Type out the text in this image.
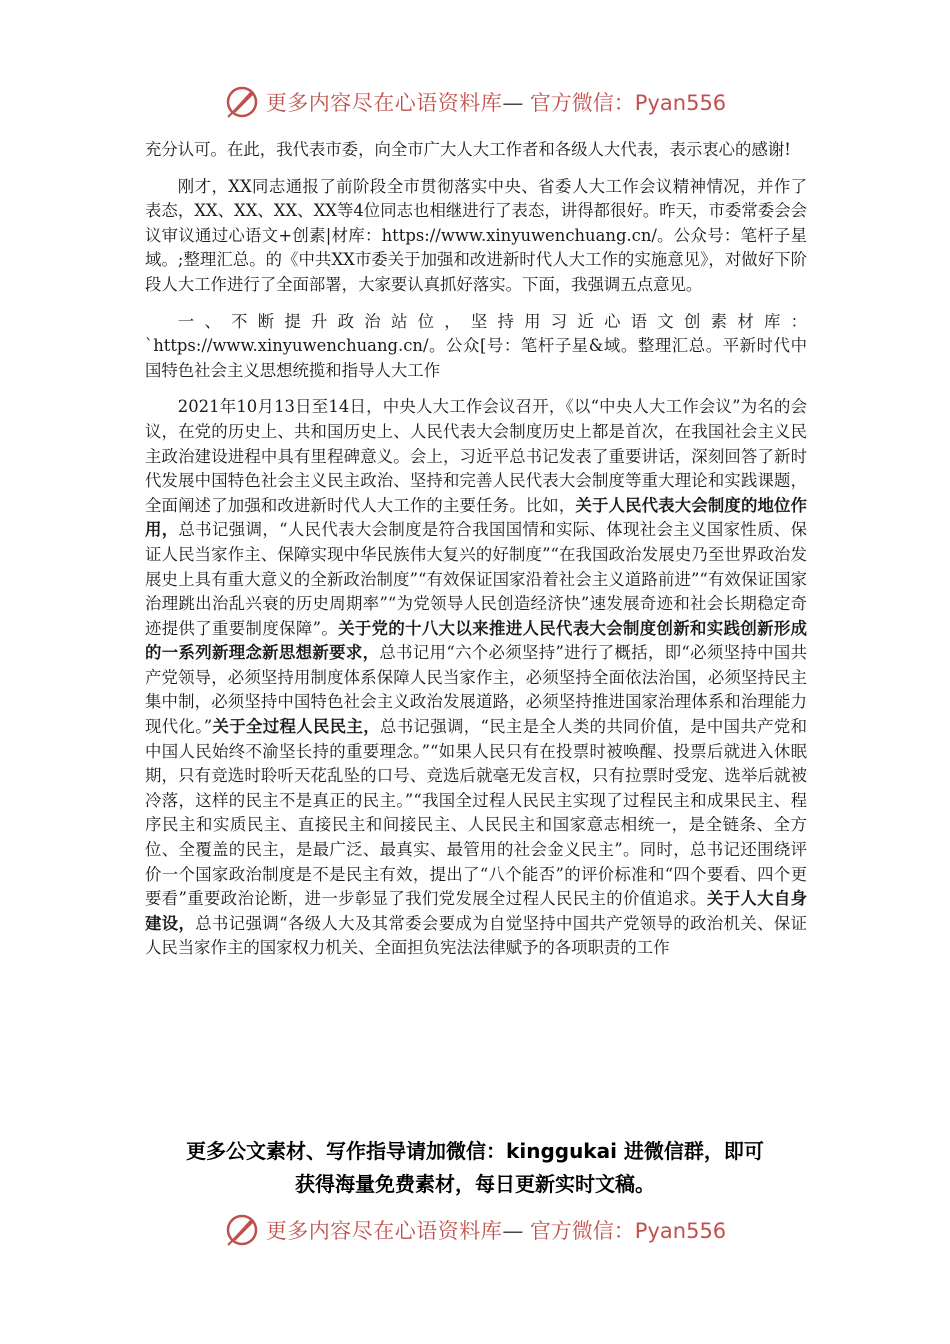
更多内容尽在心语资料库— 官方微信：Pyan556

充分认可。在此，我代表市委，向全市广大人大工作者和各级人大代表，表示衷心的感谢!

刚才，XX同志通报了前阶段全市贯彻落实中央、省委人大工作会议精神情况，并作了表态，XX、XX、XX、XX等4位同志也相继进行了表态，讲得都很好。昨天，市委常委会会议审议通过心语文+创素|材库：https://www.xinyuwenchuang.cn/。公众号：笔杆子星域。;整理汇总。的《中共XX市委关于加强和改进新时代人大工作的实施意见》，对做好下阶段人大工作进行了全面部署，大家要认真抓好落实。下面，我强调五点意见。

一、不断提升政治站位，坚持用习近心语文创素材库：`https://www.xinyuwenchuang.cn/。公众[号：笔杆子星&域。整理汇总。平新时代中国特色社会主义思想统揽和指导人大工作

2021年10月13日至14日，中央人大工作会议召开，《以“中央人大工作会议”为名的会议，在党的历史上、共和国历史上、人民代表大会制度历史上都是首次，在我国社会主义民主政治建设进程中具有里程碑意义。会上，习近平总书记发表了重要讲话，深刻回答了新时代发展中国特色社会主义民主政治、坚持和完善人民代表大会制度等重大理论和实践课题，全面阐述了加强和改进新时代人大工作的主要任务。比如，关于人民代表大会制度的地位作用，总书记强调，“人民代表大会制度是符合我国国情和实际、体现社会主义国家性质、保证人民当家作主、保障实现中华民族伟大复兴的好制度”“在我国政治发展史乃至世界政治发展史上具有重大意义的全新政治制度”“有效保证国家沿着社会主义道路前进”“有效保证国家治理跳出治乱兴衰的历史周期率”“为党领导人民创造经济快”速发展奇迹和社会长期稳定奇迹提供了重要制度保障”。关于党的十八大以来推进人民代表大会制度创新和实践创新形成的一系列新理念新思想新要求，总书记用“六个必须坚持”进行了概括，即“必须坚持中国共产党领导，必须坚持用制度体系保障人民当家作主，必须坚持全面依法治国，必须坚持民主集中制，必须坚持中国特色社会主义政治发展道路，必须坚持推进国家治理体系和治理能力现代化。”关于全过程人民民主，总书记强调，“民主是全人类的共同价值，是中国共产党和中国人民始终不渝坚长持的重要理念。”“如果人民只有在投票时被唤醒、投票后就进入休眠期，只有竞选时聆听天花乱坠的口号、竞选后就毫无发言权，只有拉票时受宠、选举后就被冷落，这样的民主不是真正的民主。”“我国全过程人民民主实现了过程民主和成果民主、程序民主和实质民主、直接民主和间接民主、人民民主和国家意志相统一，是全链条、全方位、全覆盖的民主，是最广泛、最真实、最管用的社会金义民主”。同时，总书记还围绕评价一个国家政治制度是不是民主有效，提出了“八个能否”的评价标准和“四个要看、四个更要看”重要政治论断，进一步彰显了我们党发展全过程人民民主的价值追求。关于人大自身建设，总书记强调“各级人大及其常委会要成为自觉坚持中国共产党领导的政治机关、保证人民当家作主的国家权力机关、全面担负宪法法律赋予的各项职责的工作

更多公文素材、写作指导请加微信：kinggukai 进微信群，即可
获得海量免费素材，每日更新实时文稿。
更多内容尽在心语资料库— 官方微信：Pyan556
